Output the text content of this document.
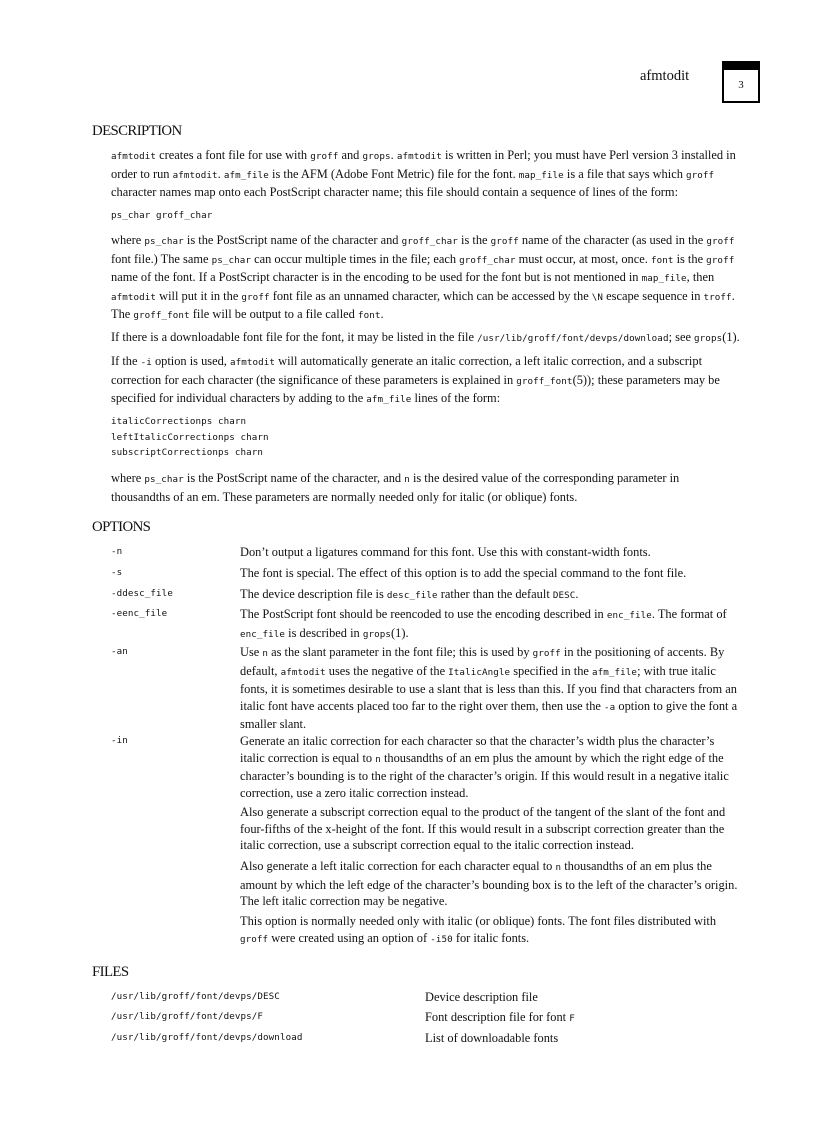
afmtodit
3
DESCRIPTION

afmtodit creates a font file for use with groff and grops. afmtodit is written in Perl; you must have Perl version 3 installed in order to run afmtodit. afm_file is the AFM (Adobe Font Metric) file for the font. map_file is a file that says which groff character names map onto each PostScript character name; this file should contain a sequence of lines of the form:

ps_char groff_char

where ps_char is the PostScript name of the character and groff_char is the groff name of the character (as used in the groff font file.) The same ps_char can occur multiple times in the file; each groff_char must occur, at most, once. font is the groff name of the font. If a PostScript character is in the encoding to be used for the font but is not mentioned in map_file, then afmtodit will put it in the groff font file as an unnamed character, which can be accessed by the \N escape sequence in troff. The groff_font file will be output to a file called font.

If there is a downloadable font file for the font, it may be listed in the file /usr/lib/groff/font/devps/download; see grops(1).

If the -i option is used, afmtodit will automatically generate an italic correction, a left italic correction, and a subscript correction for each character (the significance of these parameters is explained in groff_font(5)); these parameters may be specified for individual characters by adding to the afm_file lines of the form:

italicCorrectionps charn
leftItalicCorrectionps charn
subscriptCorrectionps charn

where ps_char is the PostScript name of the character, and n is the desired value of the corresponding parameter in thousandths of an em. These parameters are normally needed only for italic (or oblique) fonts.

OPTIONS
-n	Don’t output a ligatures command for this font. Use this with constant-width fonts.

-s	The font is special. The effect of this option is to add the special command to the font file.

-ddesc_file	The device description file is desc_file rather than the default DESC.

-eenc_file	The PostScript font should be reencoded to use the encoding described in enc_file. The format of enc_file is described in grops(1).

-an	Use n as the slant parameter in the font file; this is used by groff in the positioning of accents. By default, afmtodit uses the negative of the ItalicAngle specified in the afm_file; with true italic fonts, it is sometimes desirable to use a slant that is less than this. If you find that characters from an italic font have accents placed too far to the right over them, then use the -a option to give the font a smaller slant.

-in	Generate an italic correction for each character so that the character’s width plus the character’s italic correction is equal to n thousandths of an em plus the amount by which the right edge of the character’s bounding is to the right of the character’s origin. If this would result in a negative italic correction, use a zero italic correction instead.

Also generate a subscript correction equal to the product of the tangent of the slant of the font and four-fifths of the x-height of the font. If this would result in a subscript correction greater than the italic correction, use a subscript correction equal to the italic correction instead.

Also generate a left italic correction for each character equal to n thousandths of an em plus the amount by which the left edge of the character’s bounding box is to the left of the character’s origin. The left italic correction may be negative.

This option is normally needed only with italic (or oblique) fonts. The font files distributed with groff were created using an option of -i50 for italic fonts.

FILES
/usr/lib/groff/font/devps/DESC	Device description file
/usr/lib/groff/font/devps/F	Font description file for font F
/usr/lib/groff/font/devps/download	List of downloadable fonts
